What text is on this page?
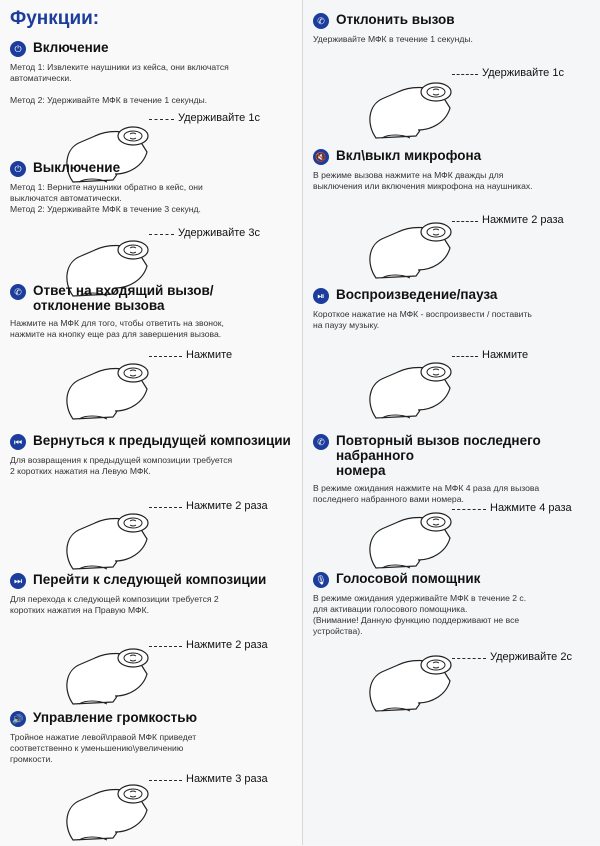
Функции:
⏻ Включение
Метод 1: Извлеките наушники из кейса, они включатся
автоматически.

Метод 2: Удерживайте МФК в течение 1 секунды.
Удерживайте 1с
⏻ Выключение
Метод 1: Верните наушники обратно в кейс, они
выключатся автоматически.
Метод 2: Удерживайте МФК в течение 3 секунд.
Удерживайте 3с
✆ Ответ на входящий вызов/
отклонение вызова
Нажмите на МФК для того, чтобы ответить на звонок,
нажмите на кнопку еще раз для завершения вызова.
Нажмите
⏮ Вернуться к предыдущей композиции
Для возвращения к предыдущей композиции требуется
2 коротких нажатия на Левую МФК.
Нажмите 2 раза
⏭ Перейти к следующей композиции
Для перехода к следующей композиции требуется 2
коротких нажатия на Правую МФК.
Нажмите 2 раза
🔊 Управление громкостью
Тройное нажатие левой\правой МФК приведет
соответственно к уменьшению\увеличению
громкости.
Нажмите 3 раза
✆ Отклонить вызов
Удерживайте МФК в течение 1 секунды.
Удерживайте 1с
🔇 Вкл\выкл микрофона
В режиме вызова нажмите на МФК дважды для
выключения или включения микрофона на наушниках.
Нажмите 2 раза
⏯ Воспроизведение/пауза
Короткое нажатие на МФК - воспроизвести / поставить
на паузу музыку.
Нажмите
✆ Повторный вызов последнего набранного
номера
В режиме ожидания нажмите на МФК 4 раза для вызова
последнего набранного вами номера.
Нажмите 4 раза
🎙 Голосовой помощник
В режиме ожидания удерживайте МФК в течение 2 с.
для активации голосового помощника.
(Внимание! Данную функцию поддерживают не все
устройства).
Удерживайте 2с
